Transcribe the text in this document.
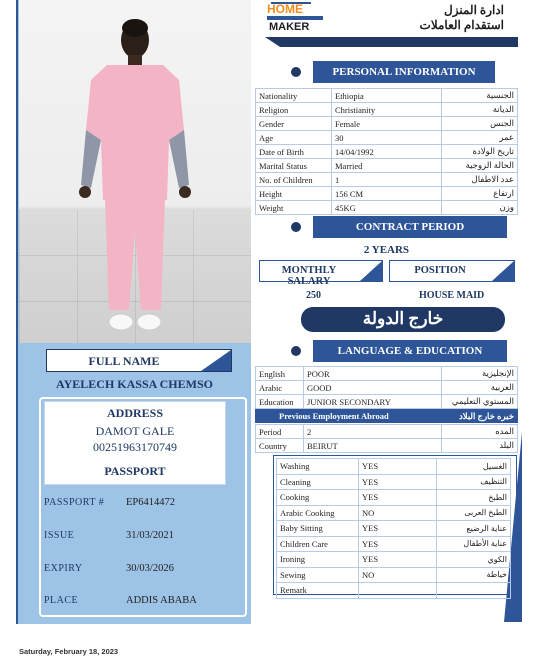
FULL NAME
AYELECH KASSA CHEMSO
ADDRESS
DAMOT GALE
00251963170749
PASSPORT
PASSPORT # EP6414472
ISSUE	31/03/2021
EXPIRY	30/03/2026
PLACE	ADDIS ABABA
HOME
MAKER
ادارة المنزل
استقدام العاملات
PERSONAL INFORMATION
Nationality	Ethiopia	الجنسية
Religion	Christianity	الديانة
Gender	Female	الجنس
Age	30	عمر
Date of Birth	14/04/1992	تاريخ الولادة
Marital Status	Married	الحالة الزوجية
No. of Children	1	عدد الاطفال
Height	156 CM	ارتفاع
Weight	45KG	وزن
CONTRACT PERIOD
2 YEARS
MONTHLY SALARY
POSITION
250	HOUSE MAID
خارج الدولة
LANGUAGE & EDUCATION
English	POOR	الإنجليزية
Arabic	GOOD	العربية
Education	JUNIOR SECONDARY	المستوي التعليمي
Previous Employment Abroad	خبره خارج البلاد
Period	2	المده
Country	BEIRUT	البلد
Washing	YES	الغسيل
Cleaning	YES	التنظيف
Cooking	YES	الطبخ
Arabic Cooking	NO	الطبخ العربى
Baby Sitting	YES	عناية الرضيع
Children Care	YES	عناية الأطفال
Ironing	YES	الكوي
Sewing	NO	خياطة
Remark		
Saturday, February 18, 2023
